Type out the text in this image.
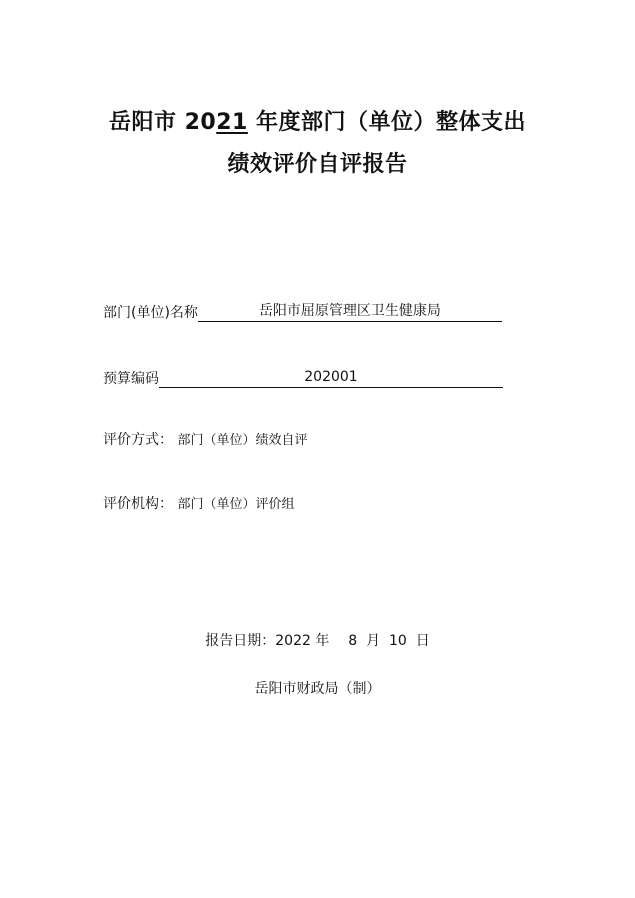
岳阳市 2021 年度部门（单位）整体支出
绩效评价自评报告
部门(单位)名称	岳阳市屈原管理区卫生健康局
预算编码	202001
评价方式： 部门（单位）绩效自评
评价机构： 部门（单位）评价组
报告日期：2022 年 8 月 10 日
岳阳市财政局（制）
